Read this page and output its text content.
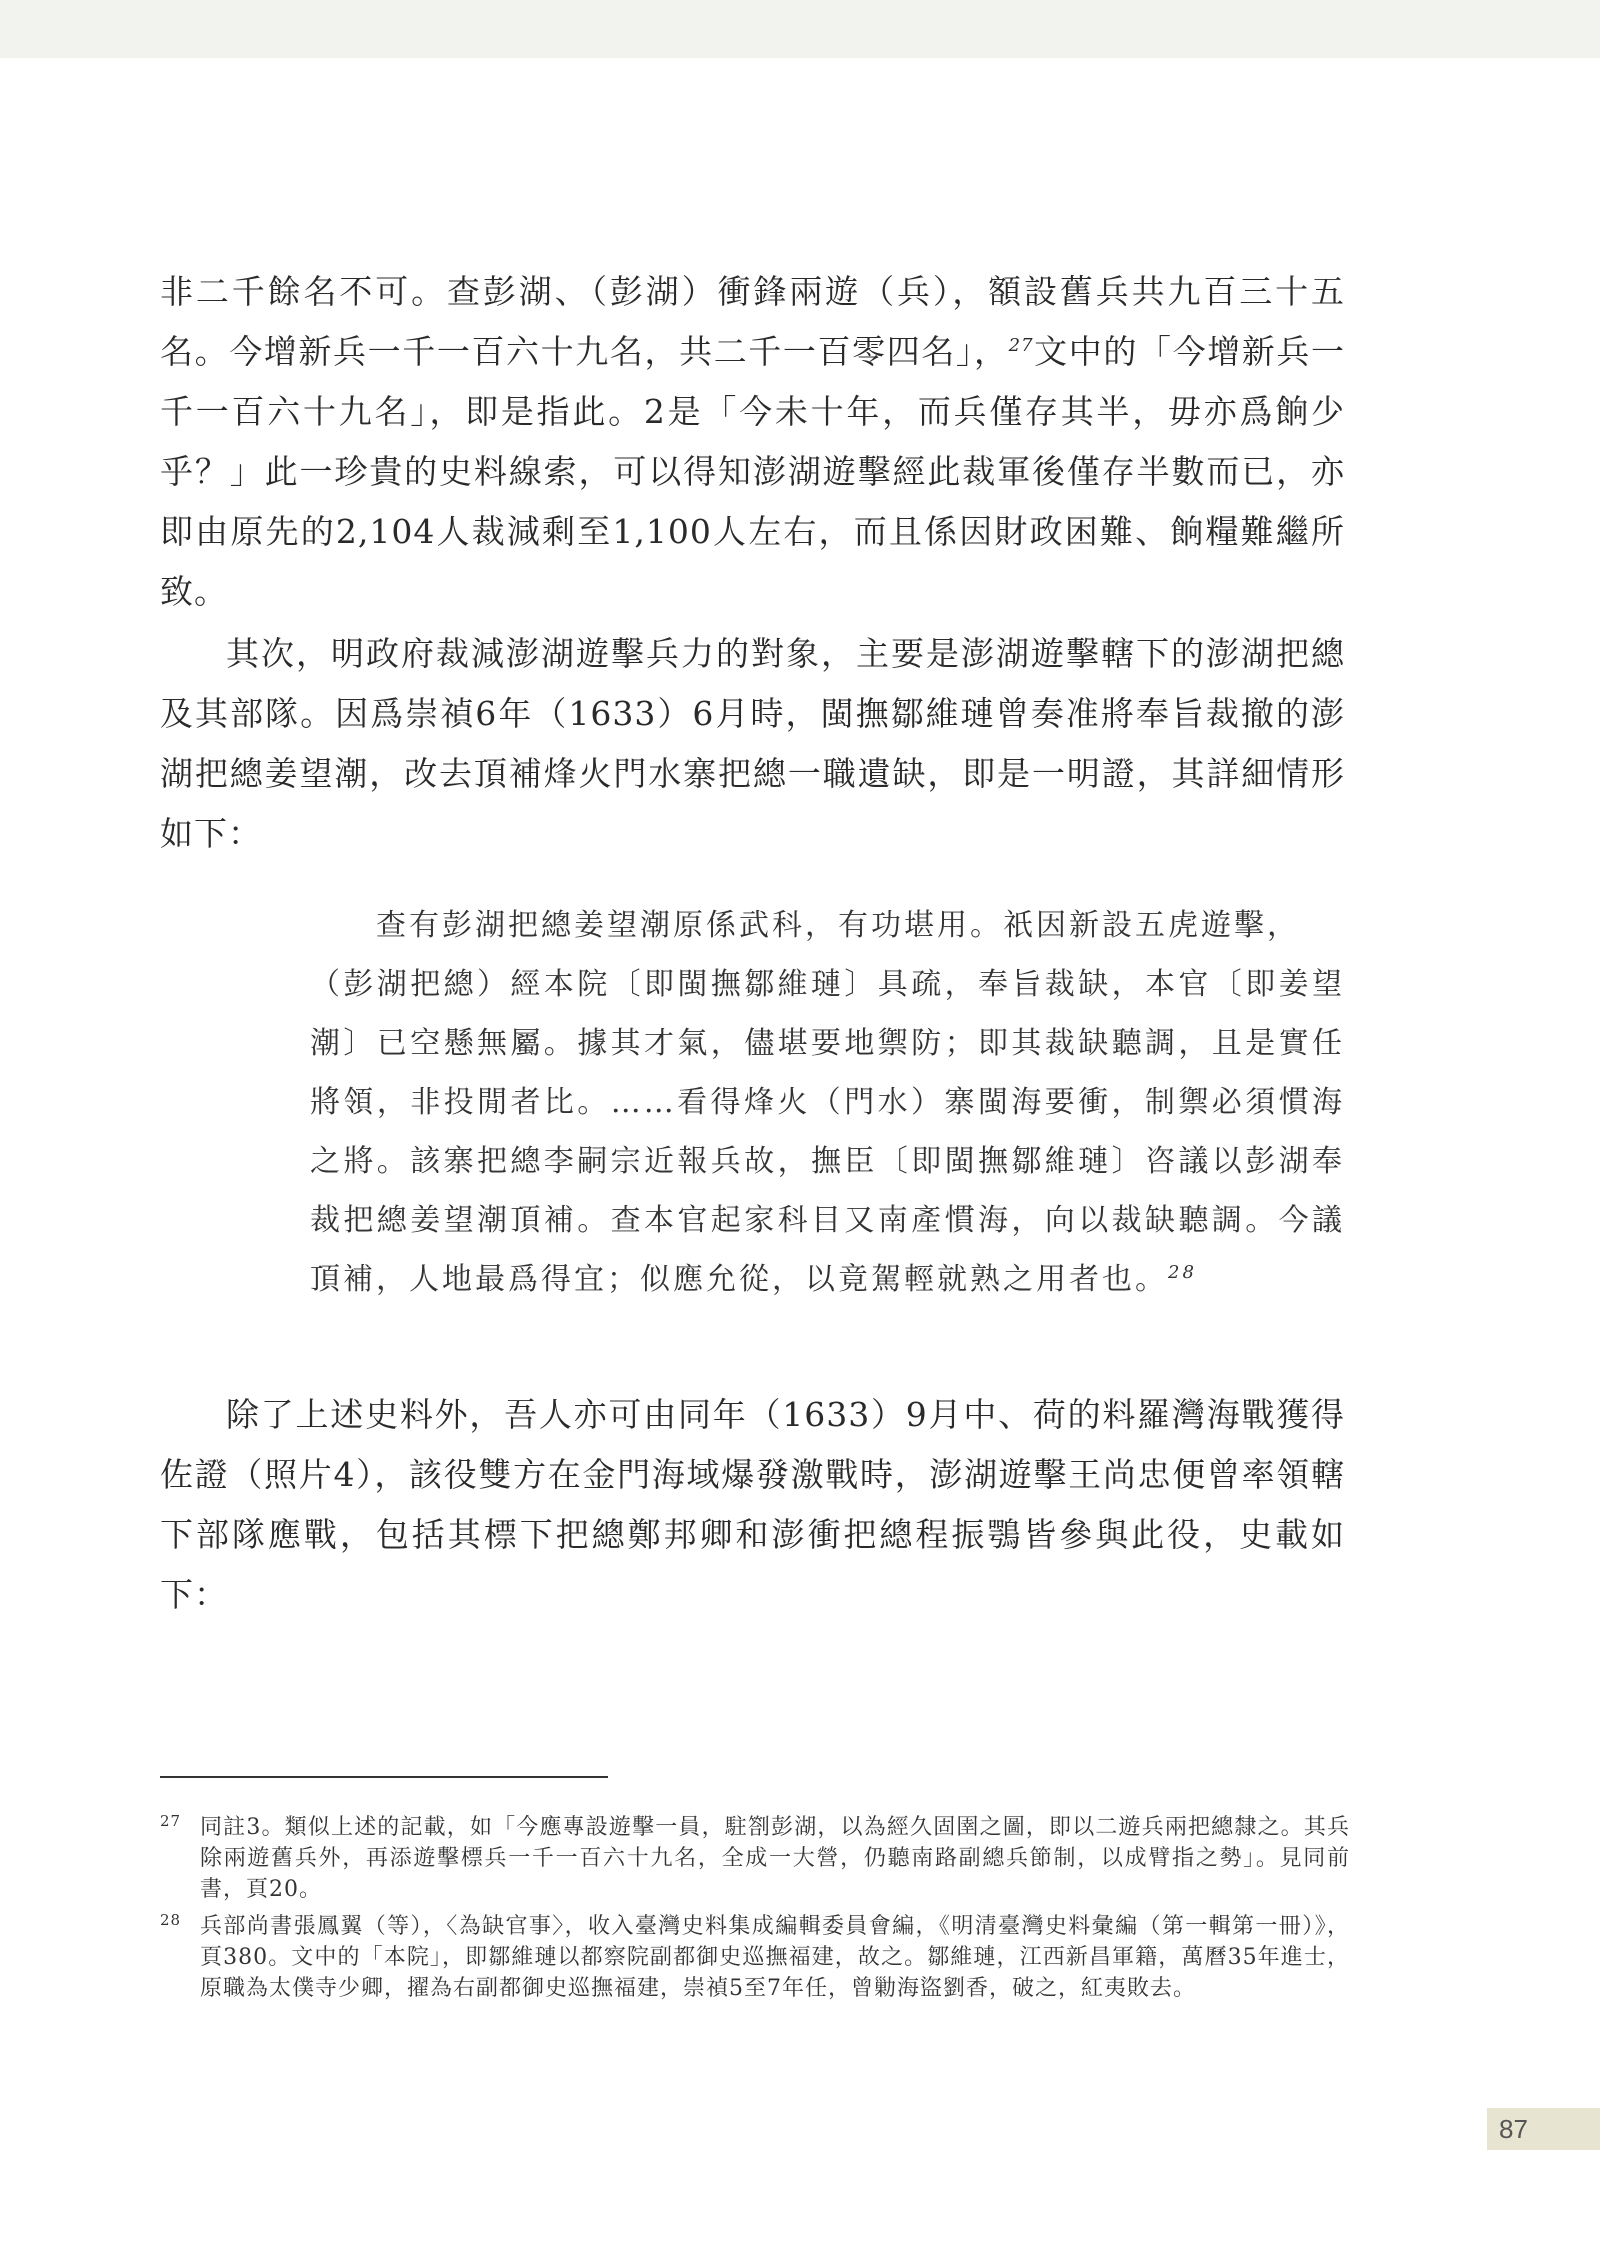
非二千餘名不可。查彭湖、（彭湖）衝鋒兩遊（兵），額設舊兵共九百三十五名。今增新兵一千一百六十九名，共二千一百零四名」，$^{27}$文中的「今增新兵一千一百六十九名」，即是指此。2是「今未十年，而兵僅存其半，毋亦爲餉少乎？」此一珍貴的史料線索，可以得知澎湖遊擊經此裁軍後僅存半數而已，亦即由原先的2,104人裁減剩至1,100人左右，而且係因財政困難、餉糧難繼所致。

其次，明政府裁減澎湖遊擊兵力的對象，主要是澎湖遊擊轄下的澎湖把總及其部隊。因爲崇禎6年（1633）6月時，閩撫鄒維璉曾奏准將奉旨裁撤的澎湖把總姜望潮，改去頂補烽火門水寨把總一職遺缺，即是一明證，其詳細情形如下：

查有彭湖把總姜望潮原係武科，有功堪用。祇因新設五虎遊擊，
（彭湖把總）經本院〔即閩撫鄒維璉〕具疏，奉旨裁缺，本官〔即姜望潮〕已空懸無屬。據其才氣，儘堪要地禦防；即其裁缺聽調，且是實任將領，非投閒者比。……看得烽火（門水）寨閩海要衝，制禦必須慣海之將。該寨把總李嗣宗近報兵故，撫臣〔即閩撫鄒維璉〕咨議以彭湖奉裁把總姜望潮頂補。查本官起家科目又南產慣海，向以裁缺聽調。今議頂補，人地最爲得宜；似應允從，以竟駕輕就熟之用者也。$^{28}$

除了上述史料外，吾人亦可由同年（1633）9月中、荷的料羅灣海戰獲得佐證（照片4），該役雙方在金門海域爆發激戰時，澎湖遊擊王尚忠便曾率領轄下部隊應戰，包括其標下把總鄭邦卿和澎衝把總程振鶚皆參與此役，史載如下：

27 同註3。類似上述的記載，如「今應專設遊擊一員，駐劄彭湖，以為經久固圉之圖，即以二遊兵兩把總隸之。其兵除兩遊舊兵外，再添遊擊標兵一千一百六十九名，全成一大營，仍聽南路副總兵節制，以成臂指之勢」。見同前書，頁20。

28 兵部尚書張鳳翼（等），〈為缺官事〉，收入臺灣史料集成編輯委員會編，《明清臺灣史料彙編（第一輯第一冊）》，頁380。文中的「本院」，即鄒維璉以都察院副都御史巡撫福建，故之。鄒維璉，江西新昌軍籍，萬曆35年進士，原職為太僕寺少卿，擢為右副都御史巡撫福建，崇禎5至7年任，曾勦海盜劉香，破之，紅夷敗去。

87
